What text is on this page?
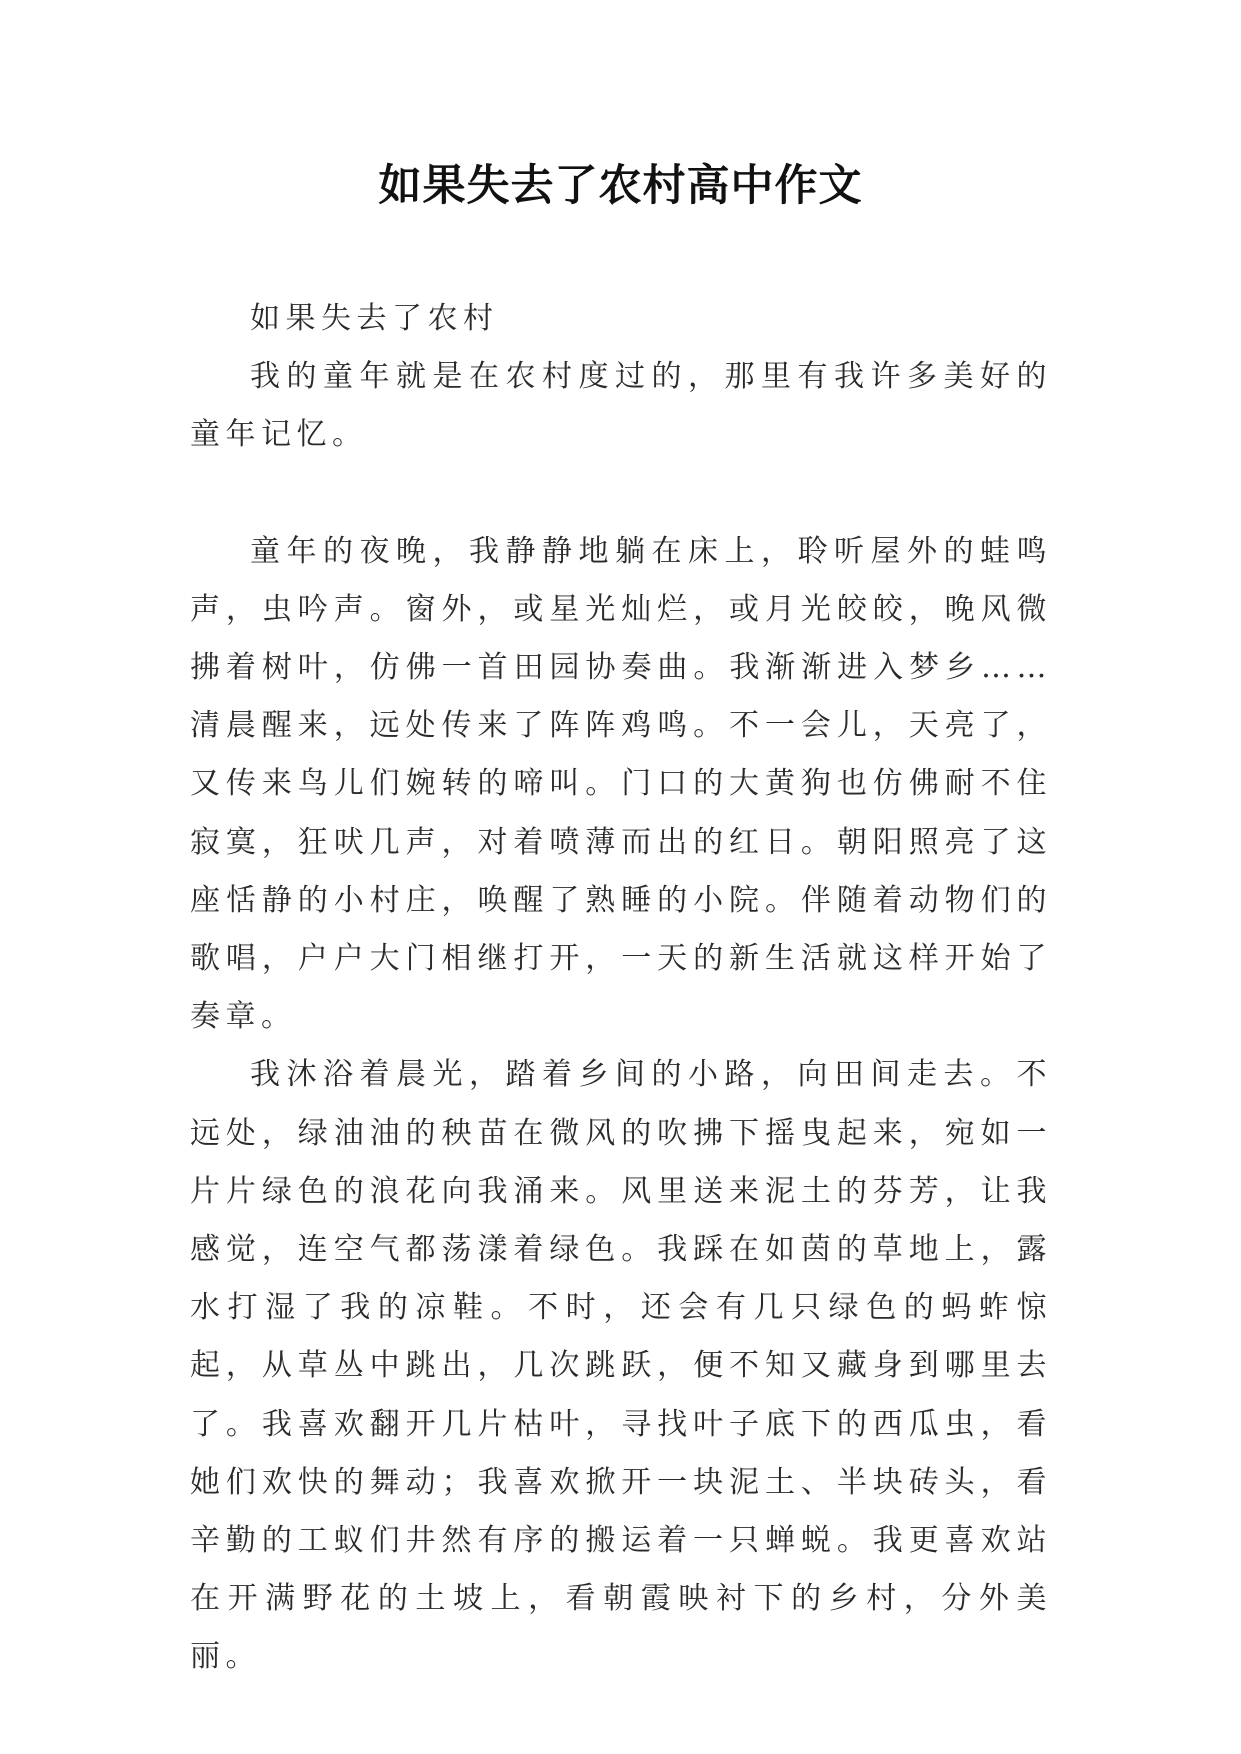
如果失去了农村高中作文

如果失去了农村

我的童年就是在农村度过的，那里有我许多美好的童年记忆。

童年的夜晚，我静静地躺在床上，聆听屋外的蛙鸣声，虫吟声。窗外，或星光灿烂，或月光皎皎，晚风微拂着树叶，仿佛一首田园协奏曲。我渐渐进入梦乡……清晨醒来，远处传来了阵阵鸡鸣。不一会儿，天亮了，又传来鸟儿们婉转的啼叫。门口的大黄狗也仿佛耐不住寂寞，狂吠几声，对着喷薄而出的红日。朝阳照亮了这座恬静的小村庄，唤醒了熟睡的小院。伴随着动物们的歌唱，户户大门相继打开，一天的新生活就这样开始了奏章。

我沐浴着晨光，踏着乡间的小路，向田间走去。不远处，绿油油的秧苗在微风的吹拂下摇曳起来，宛如一片片绿色的浪花向我涌来。风里送来泥土的芬芳，让我感觉，连空气都荡漾着绿色。我踩在如茵的草地上，露水打湿了我的凉鞋。不时，还会有几只绿色的蚂蚱惊起，从草丛中跳出，几次跳跃，便不知又藏身到哪里去了。我喜欢翻开几片枯叶，寻找叶子底下的西瓜虫，看她们欢快的舞动；我喜欢掀开一块泥土、半块砖头，看辛勤的工蚁们井然有序的搬运着一只蝉蜕。我更喜欢站在开满野花的土坡上，看朝霞映衬下的乡村，分外美丽。
